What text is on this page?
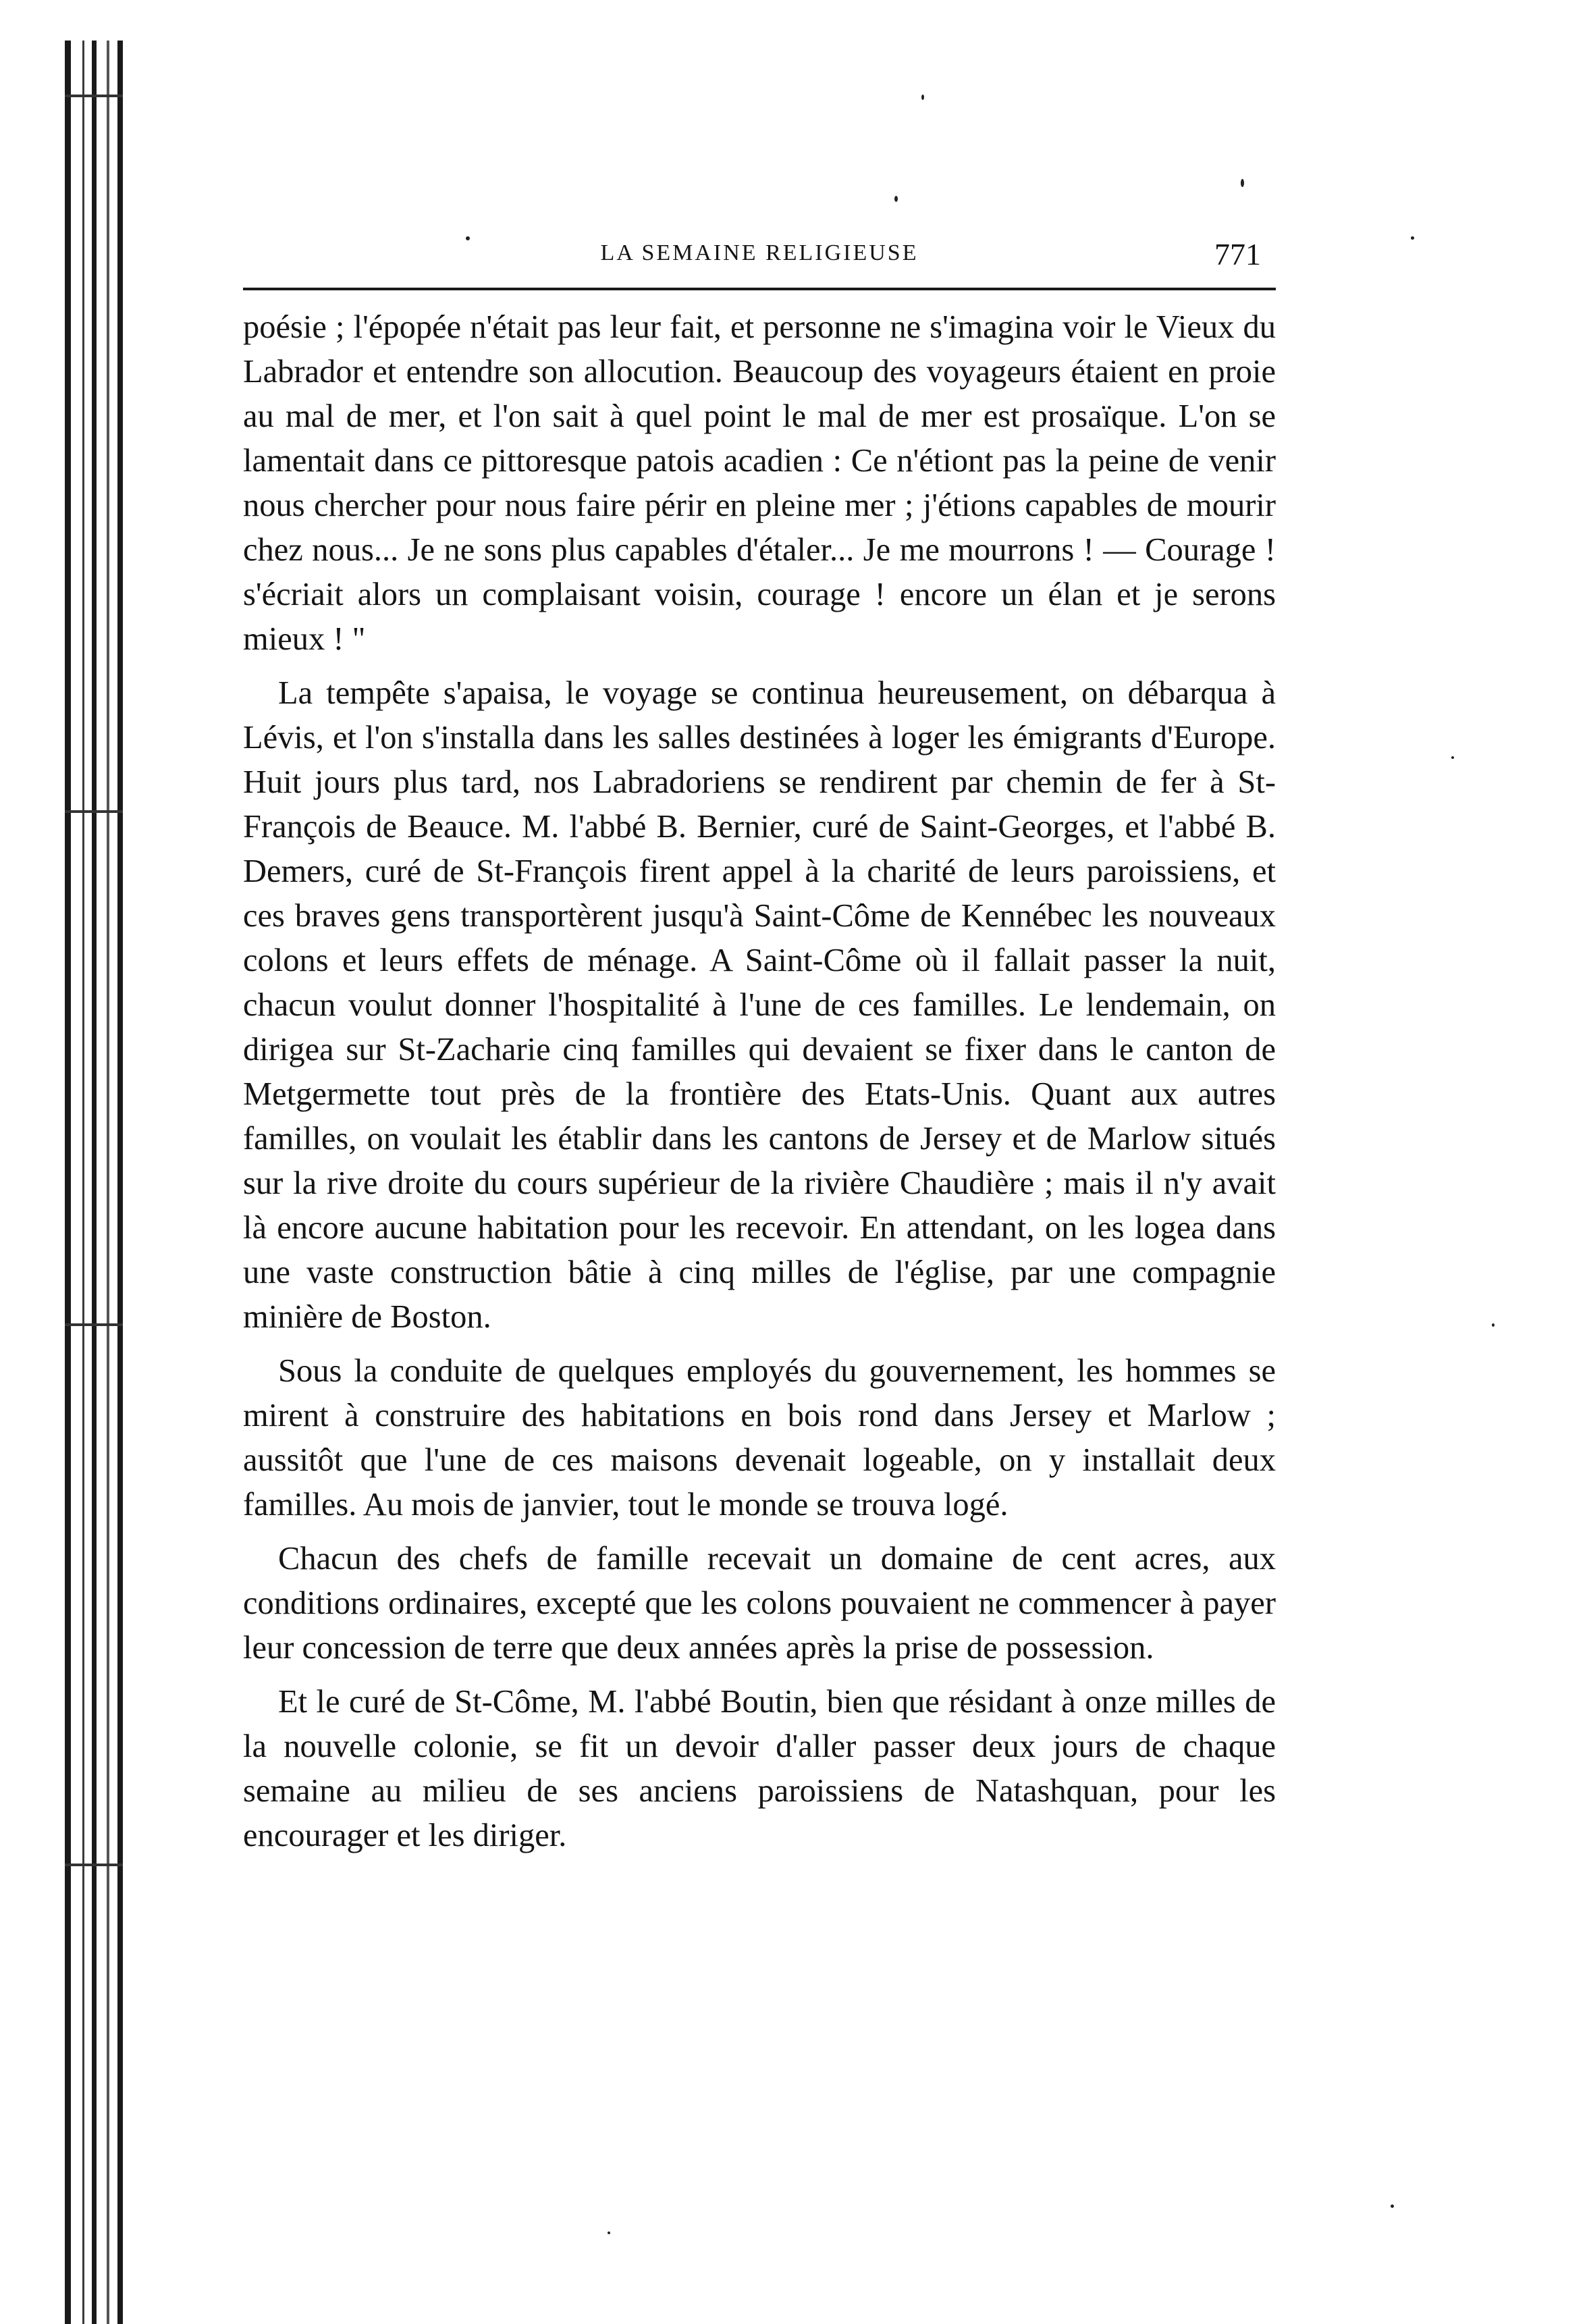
LA SEMAINE RELIGIEUSE	771

poésie ; l'épopée n'était pas leur fait, et personne ne s'imagina voir le Vieux du Labrador et entendre son allocution. Beaucoup des voyageurs étaient en proie au mal de mer, et l'on sait à quel point le mal de mer est prosaïque. L'on se lamentait dans ce pittoresque patois acadien : Ce n'étiont pas la peine de venir nous chercher pour nous faire périr en pleine mer ; j'étions capables de mourir chez nous... Je ne sons plus capables d'étaler... Je me mourrons ! — Courage ! s'écriait alors un complaisant voisin, courage ! encore un élan et je serons mieux ! "

La tempête s'apaisa, le voyage se continua heureusement, on débarqua à Lévis, et l'on s'installa dans les salles destinées à loger les émigrants d'Europe. Huit jours plus tard, nos Labradoriens se rendirent par chemin de fer à St-François de Beauce. M. l'abbé B. Bernier, curé de Saint-Georges, et l'abbé B. Demers, curé de St-François firent appel à la charité de leurs paroissiens, et ces braves gens transportèrent jusqu'à Saint-Côme de Kennébec les nouveaux colons et leurs effets de ménage. A Saint-Côme où il fallait passer la nuit, chacun voulut donner l'hospitalité à l'une de ces familles. Le lendemain, on dirigea sur St-Zacharie cinq familles qui devaient se fixer dans le canton de Metgermette tout près de la frontière des Etats-Unis. Quant aux autres familles, on voulait les établir dans les cantons de Jersey et de Marlow situés sur la rive droite du cours supérieur de la rivière Chaudière ; mais il n'y avait là encore aucune habitation pour les recevoir. En attendant, on les logea dans une vaste construction bâtie à cinq milles de l'église, par une compagnie minière de Boston.

Sous la conduite de quelques employés du gouvernement, les hommes se mirent à construire des habitations en bois rond dans Jersey et Marlow ; aussitôt que l'une de ces maisons devenait logeable, on y installait deux familles. Au mois de janvier, tout le monde se trouva logé.

Chacun des chefs de famille recevait un domaine de cent acres, aux conditions ordinaires, excepté que les colons pouvaient ne commencer à payer leur concession de terre que deux années après la prise de possession.

Et le curé de St-Côme, M. l'abbé Boutin, bien que résidant à onze milles de la nouvelle colonie, se fit un devoir d'aller passer deux jours de chaque semaine au milieu de ses anciens paroissiens de Natashquan, pour les encourager et les diriger.
